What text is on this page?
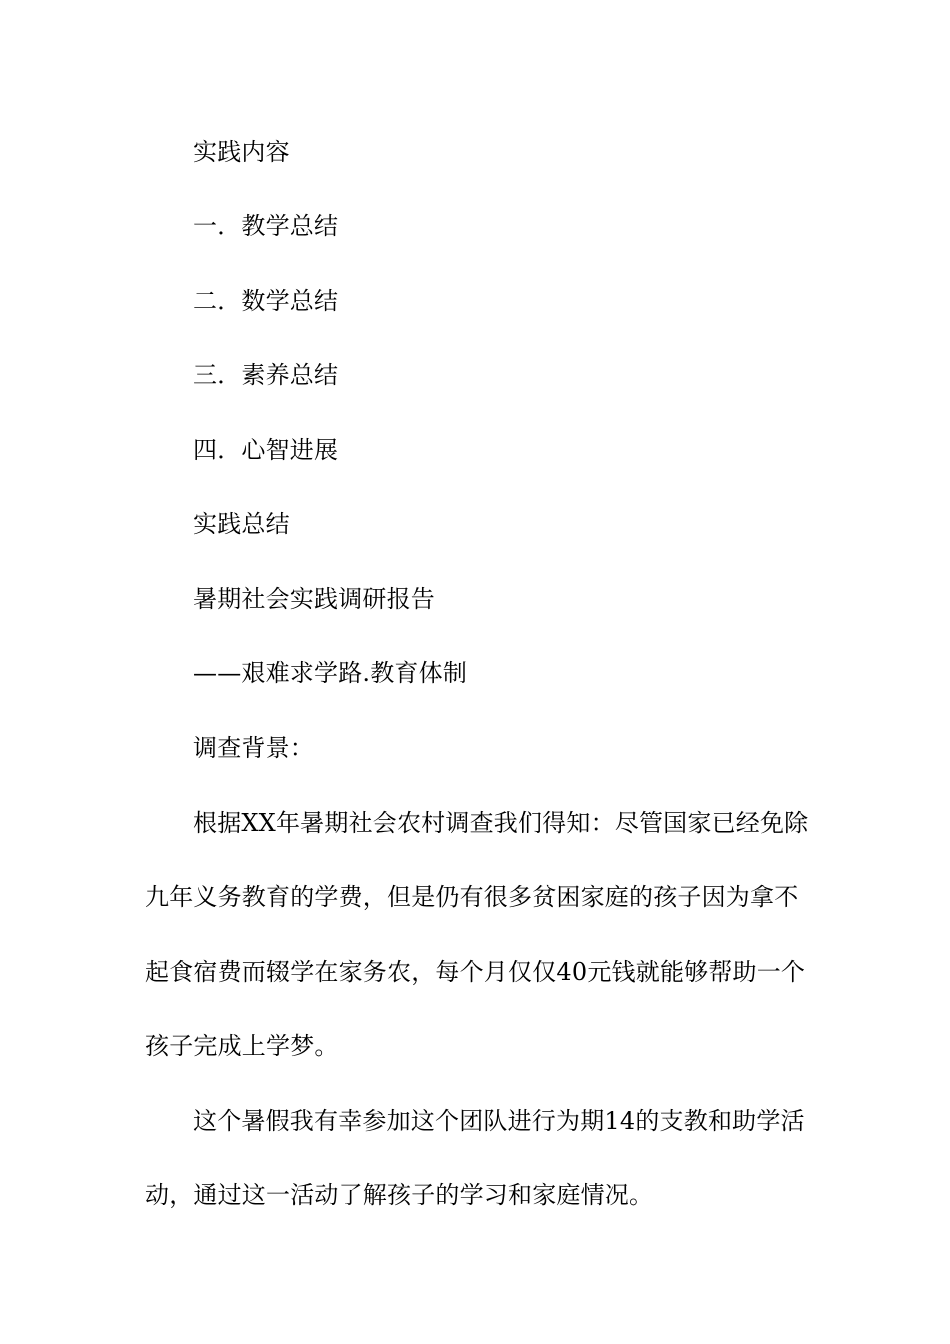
实践内容
一．教学总结
二．数学总结
三．素养总结
四．心智进展
实践总结
暑期社会实践调研报告
——艰难求学路.教育体制
调查背景：
根据XX年暑期社会农村调查我们得知：尽管国家已经免除
九年义务教育的学费，但是仍有很多贫困家庭的孩子因为拿不
起食宿费而辍学在家务农，每个月仅仅40元钱就能够帮助一个
孩子完成上学梦。
这个暑假我有幸参加这个团队进行为期14的支教和助学活
动，通过这一活动了解孩子的学习和家庭情况。
